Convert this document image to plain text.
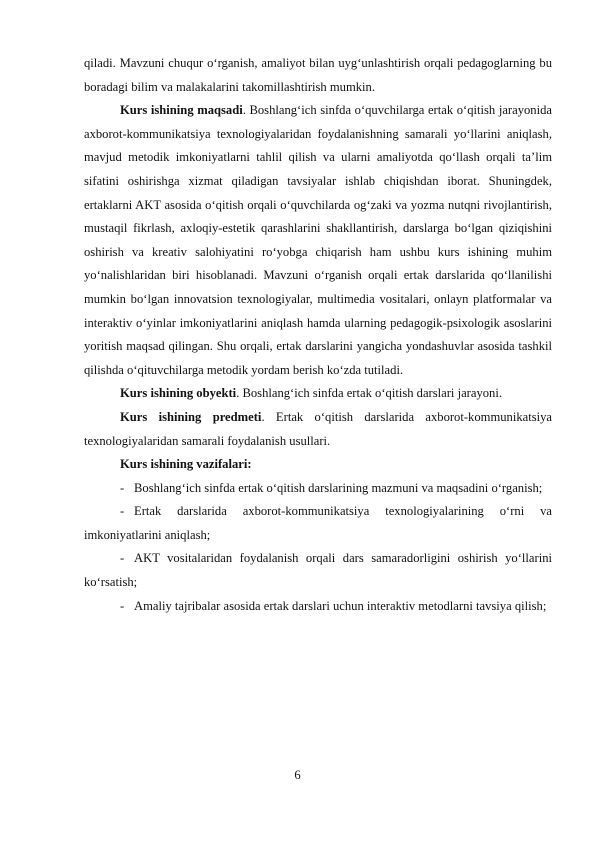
qiladi. Mavzuni chuqur o‘rganish, amaliyot bilan uyg‘unlashtirish orqali pedagoglarning bu boradagi bilim va malakalarini takomillashtirish mumkin.

Kurs ishining maqsadi. Boshlang‘ich sinfda o‘quvchilarga ertak o‘qitish jarayonida axborot-kommunikatsiya texnologiyalaridan foydalanishning samarali yo‘llarini aniqlash, mavjud metodik imkoniyatlarni tahlil qilish va ularni amaliyotda qo‘llash orqali ta’lim sifatini oshirishga xizmat qiladigan tavsiyalar ishlab chiqishdan iborat. Shuningdek, ertaklarni AKT asosida o‘qitish orqali o‘quvchilarda og‘zaki va yozma nutqni rivojlantirish, mustaqil fikrlash, axloqiy-estetik qarashlarini shakllantirish, darslarga bo‘lgan qiziqishini oshirish va kreativ salohiyatini ro‘yobga chiqarish ham ushbu kurs ishining muhim yo‘nalishlaridan biri hisoblanadi. Mavzuni o‘rganish orqali ertak darslarida qo‘llanilishi mumkin bo‘lgan innovatsion texnologiyalar, multimedia vositalari, onlayn platformalar va interaktiv o‘yinlar imkoniyatlarini aniqlash hamda ularning pedagogik-psixologik asoslarini yoritish maqsad qilingan. Shu orqali, ertak darslarini yangicha yondashuvlar asosida tashkil qilishda o‘qituvchilarga metodik yordam berish ko‘zda tutiladi.

Kurs ishining obyekti. Boshlang‘ich sinfda ertak o‘qitish darslari jarayoni.

Kurs ishining predmeti. Ertak o‘qitish darslarida axborot-kommunikatsiya texnologiyalaridan samarali foydalanish usullari.

Kurs ishining vazifalari:

- Boshlang‘ich sinfda ertak o‘qitish darslarining mazmuni va maqsadini o‘rganish;

- Ertak darslarida axborot-kommunikatsiya texnologiyalarining o‘rni va imkoniyatlarini aniqlash;

- AKT vositalaridan foydalanish orqali dars samaradorligini oshirish yo‘llarini ko‘rsatish;

- Amaliy tajribalar asosida ertak darslari uchun interaktiv metodlarni tavsiya qilish;

6
